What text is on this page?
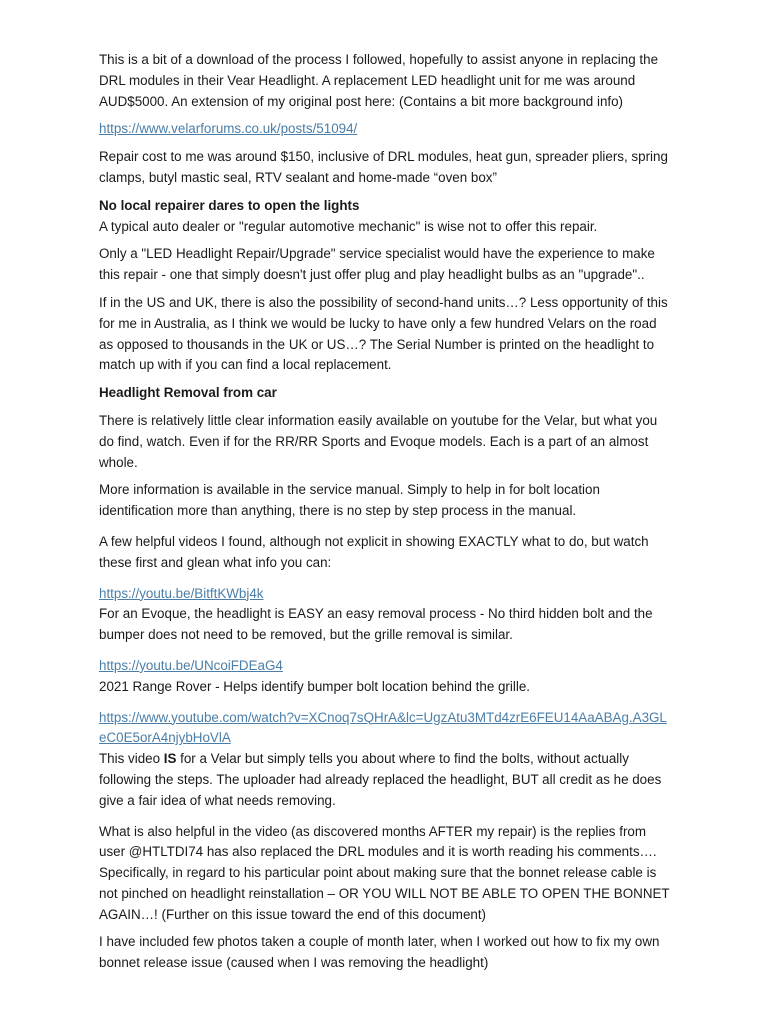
This is a bit of a download of the process I followed, hopefully to assist anyone in replacing the DRL modules in their Vear Headlight. A replacement LED headlight unit for me was around AUD$5000. An extension of my original post here: (Contains a bit more background info)

https://www.velarforums.co.uk/posts/51094/

Repair cost to me was around $150, inclusive of DRL modules, heat gun, spreader pliers, spring clamps, butyl mastic seal, RTV sealant and home-made “oven box”

No local repairer dares to open the lights

A typical auto dealer or "regular automotive mechanic" is wise not to offer this repair.

Only a "LED Headlight Repair/Upgrade" service specialist would have the experience to make this repair - one that simply doesn't just offer plug and play headlight bulbs as an "upgrade"..

If in the US and UK, there is also the possibility of second-hand units…? Less opportunity of this for me in Australia, as I think we would be lucky to have only a few hundred Velars on the road as opposed to thousands in the UK or US…? The Serial Number is printed on the headlight to match up with if you can find a local replacement.

Headlight Removal from car

There is relatively little clear information easily available on youtube for the Velar, but what you do find, watch. Even if for the RR/RR Sports and Evoque models. Each is a part of an almost whole.

More information is available in the service manual. Simply to help in for bolt location identification more than anything, there is no step by step process in the manual.

A few helpful videos I found, although not explicit in showing EXACTLY what to do, but watch these first and glean what info you can:

https://youtu.be/BitftKWbj4k

For an Evoque, the headlight is EASY an easy removal process - No third hidden bolt and the bumper does not need to be removed, but the grille removal is similar.

https://youtu.be/UNcoiFDEaG4

2021 Range Rover - Helps identify bumper bolt location behind the grille.

https://www.youtube.com/watch?v=XCnoq7sQHrA&lc=UgzAtu3MTd4zrE6FEU14AaABAg.A3GLeC0E5orA4njybHoVlA

This video IS for a Velar but simply tells you about where to find the bolts, without actually following the steps. The uploader had already replaced the headlight, BUT all credit as he does give a fair idea of what needs removing.

What is also helpful in the video (as discovered months AFTER my repair) is the replies from user @HTLTDI74 has also replaced the DRL modules and it is worth reading his comments…. Specifically, in regard to his particular point about making sure that the bonnet release cable is not pinched on headlight reinstallation – OR YOU WILL NOT BE ABLE TO OPEN THE BONNET AGAIN…! (Further on this issue toward the end of this document)

I have included few photos taken a couple of month later, when I worked out how to fix my own bonnet release issue (caused when I was removing the headlight)
